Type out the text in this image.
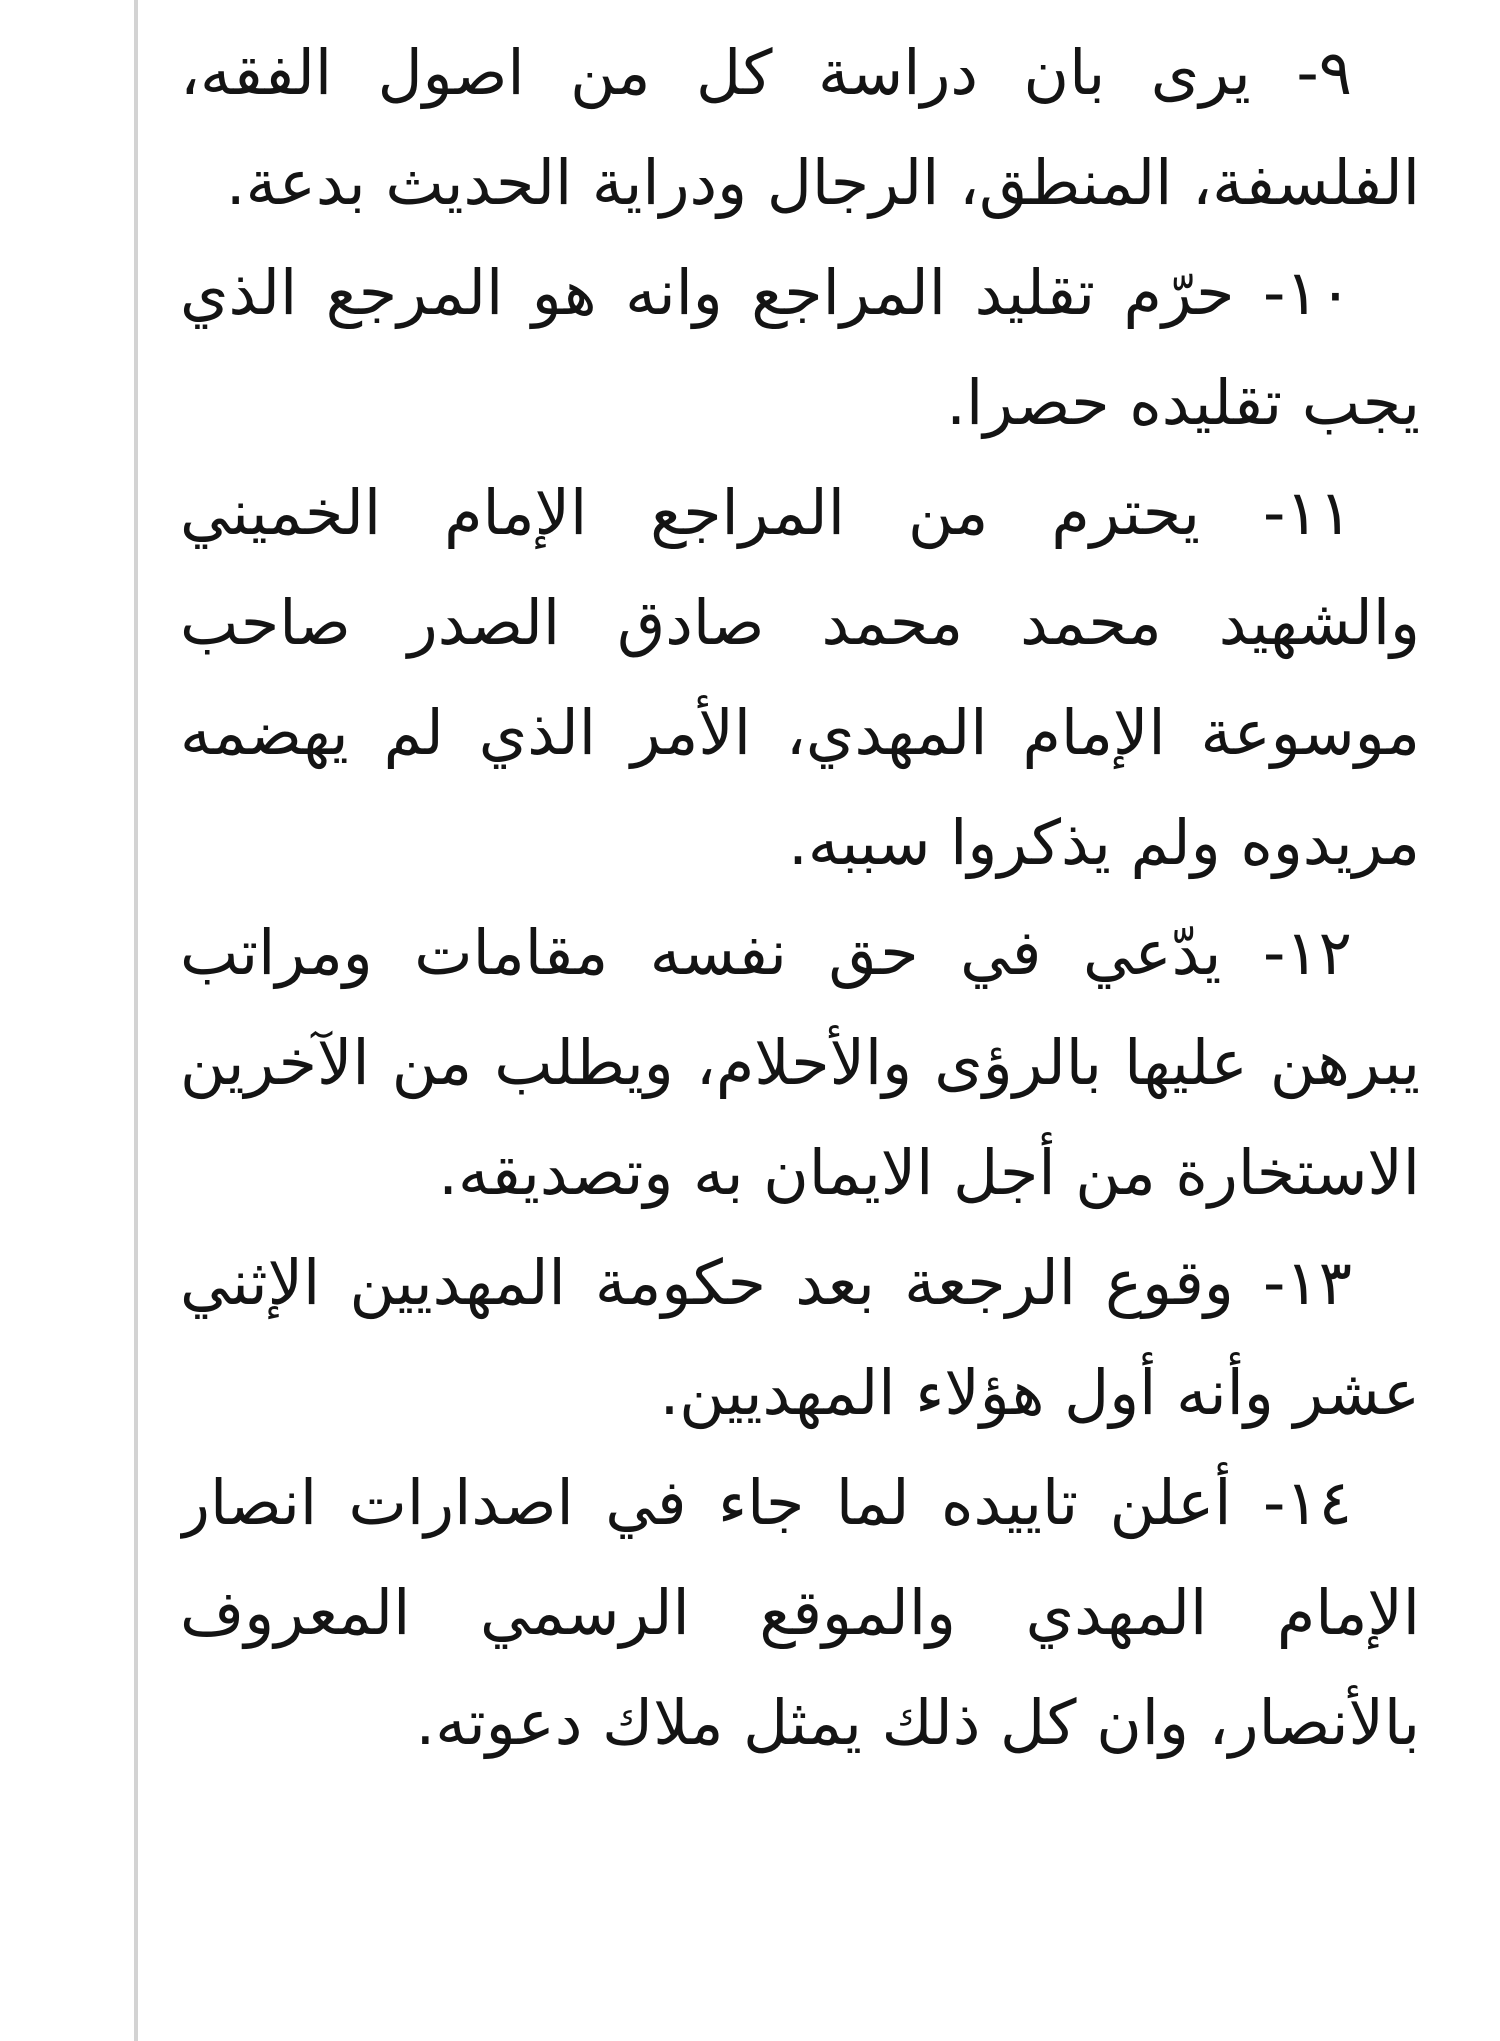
٩- يرى بان دراسة كل من اصول الفقه، الفلسفة، المنطق، الرجال ودراية الحديث بدعة.

١٠- حرّم تقليد المراجع وانه هو المرجع الذي يجب تقليده حصرا.

١١- يحترم من المراجع الإمام الخميني والشهيد محمد محمد صادق الصدر صاحب موسوعة الإمام المهدي، الأمر الذي لم يهضمه مريدوه ولم يذكروا سببه.

١٢- يدّعي في حق نفسه مقامات ومراتب يبرهن عليها بالرؤى والأحلام، ويطلب من الآخرين الاستخارة من أجل الايمان به وتصديقه.

١٣- وقوع الرجعة بعد حكومة المهديين الإثني عشر وأنه أول هؤلاء المهديين.

١٤- أعلن تاييده لما جاء في اصدارات انصار الإمام المهدي والموقع الرسمي المعروف بالأنصار، وان كل ذلك يمثل ملاك دعوته.
